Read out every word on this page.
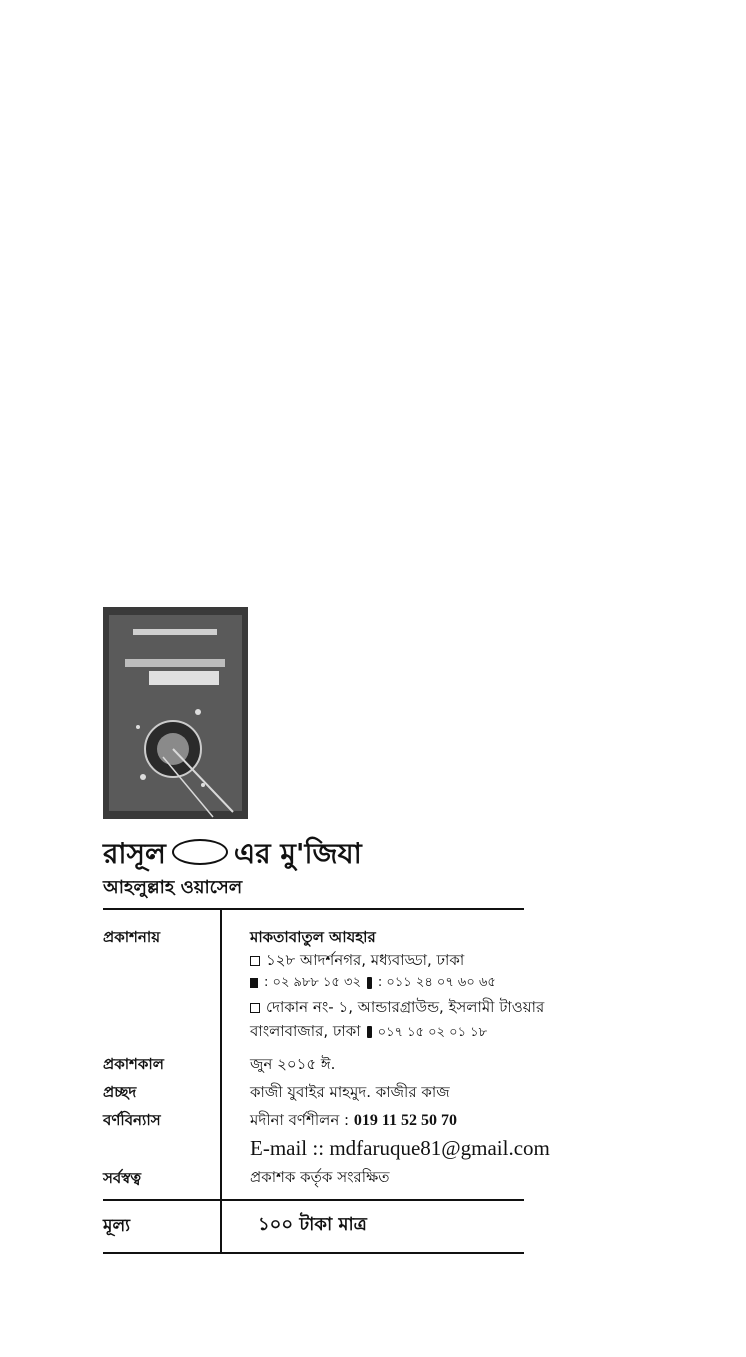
রাসূল এর মু'জিযা
আহলুল্লাহ ওয়াসেল
প্রকাশনায়	মাকতাবাতুল আযহার
১২৮ আদর্শনগর, মধ্যবাড্ডা, ঢাকা
: ০২ ৯৮৮ ১৫ ৩২ : ০১১ ২৪ ০৭ ৬০ ৬৫
দোকান নং- ১, আন্ডারগ্রাউন্ড, ইসলামী টাওয়ার
বাংলাবাজার, ঢাকা ০১৭ ১৫ ০২ ০১ ১৮
প্রকাশকাল	জুন ২০১৫ ঈ.
প্রচ্ছদ	কাজী যুবাইর মাহমুদ. কাজীর কাজ
বর্ণবিন্যাস	মদীনা বর্ণশীলন : 019 11 52 50 70
E-mail :: mdfaruque81@gmail.com
সর্বস্বত্ব	প্রকাশক কর্তৃক সংরক্ষিত
মূল্য	১০০ টাকা মাত্র
